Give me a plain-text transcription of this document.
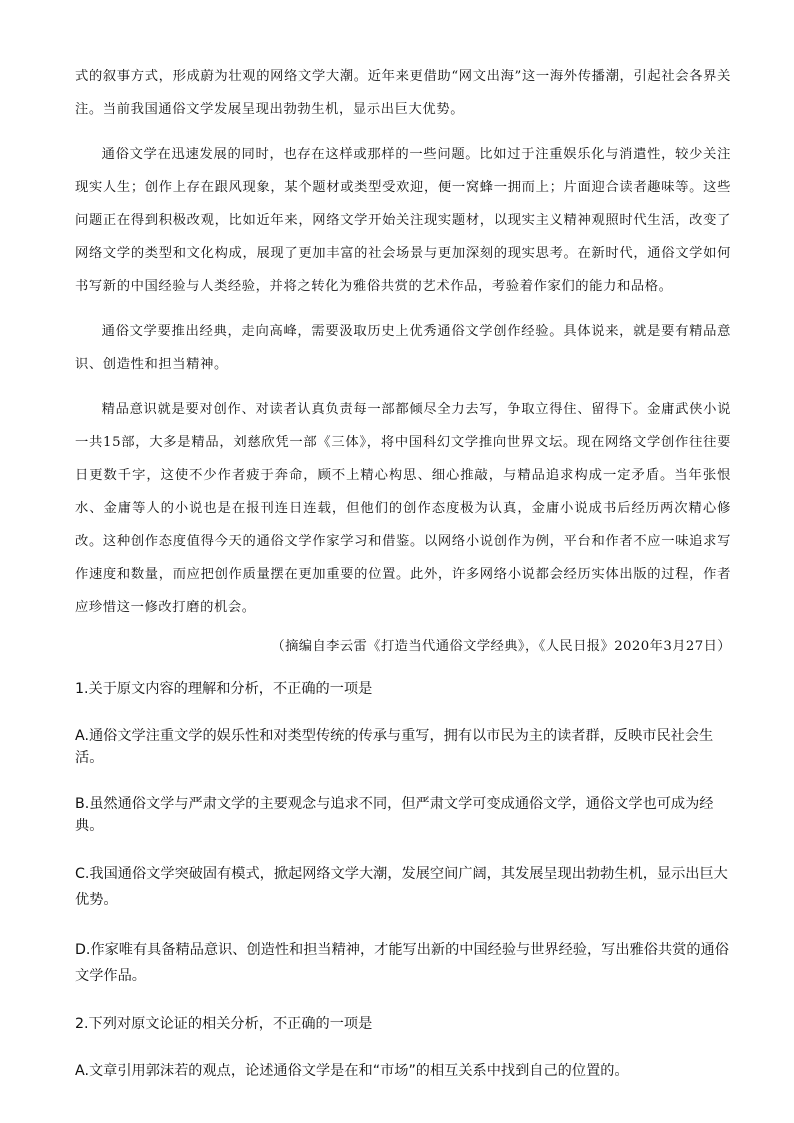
式的叙事方式，形成蔚为壮观的网络文学大潮。近年来更借助“网文出海”这一海外传播潮，引起社会各界关注。当前我国通俗文学发展呈现出勃勃生机，显示出巨大优势。

通俗文学在迅速发展的同时，也存在这样或那样的一些问题。比如过于注重娱乐化与消遣性，较少关注现实人生；创作上存在跟风现象，某个题材或类型受欢迎，便一窝蜂一拥而上；片面迎合读者趣味等。这些问题正在得到积极改观，比如近年来，网络文学开始关注现实题材，以现实主义精神观照时代生活，改变了网络文学的类型和文化构成，展现了更加丰富的社会场景与更加深刻的现实思考。在新时代，通俗文学如何书写新的中国经验与人类经验，并将之转化为雅俗共赏的艺术作品，考验着作家们的能力和品格。

通俗文学要推出经典，走向高峰，需要汲取历史上优秀通俗文学创作经验。具体说来，就是要有精品意识、创造性和担当精神。

精品意识就是要对创作、对读者认真负责每一部都倾尽全力去写，争取立得住、留得下。金庸武侠小说一共15部，大多是精品，刘慈欣凭一部《三体》，将中国科幻文学推向世界文坛。现在网络文学创作往往要日更数千字，这使不少作者疲于奔命，顾不上精心构思、细心推敲，与精品追求构成一定矛盾。当年张恨水、金庸等人的小说也是在报刊连日连载，但他们的创作态度极为认真，金庸小说成书后经历两次精心修改。这种创作态度值得今天的通俗文学作家学习和借鉴。以网络小说创作为例，平台和作者不应一味追求写作速度和数量，而应把创作质量摆在更加重要的位置。此外，许多网络小说都会经历实体出版的过程，作者应珍惜这一修改打磨的机会。

（摘编自李云雷《打造当代通俗文学经典》，《人民日报》2020年3月27日）
1.关于原文内容的理解和分析，不正确的一项是
A.通俗文学注重文学的娱乐性和对类型传统的传承与重写，拥有以市民为主的读者群，反映市民社会生活。
B.虽然通俗文学与严肃文学的主要观念与追求不同，但严肃文学可变成通俗文学，通俗文学也可成为经典。
C.我国通俗文学突破固有模式，掀起网络文学大潮，发展空间广阔，其发展呈现出勃勃生机，显示出巨大优势。
D.作家唯有具备精品意识、创造性和担当精神，才能写出新的中国经验与世界经验，写出雅俗共赏的通俗文学作品。
2.下列对原文论证的相关分析，不正确的一项是
A.文章引用郭沫若的观点，论述通俗文学是在和“市场”的相互关系中找到自己的位置的。
